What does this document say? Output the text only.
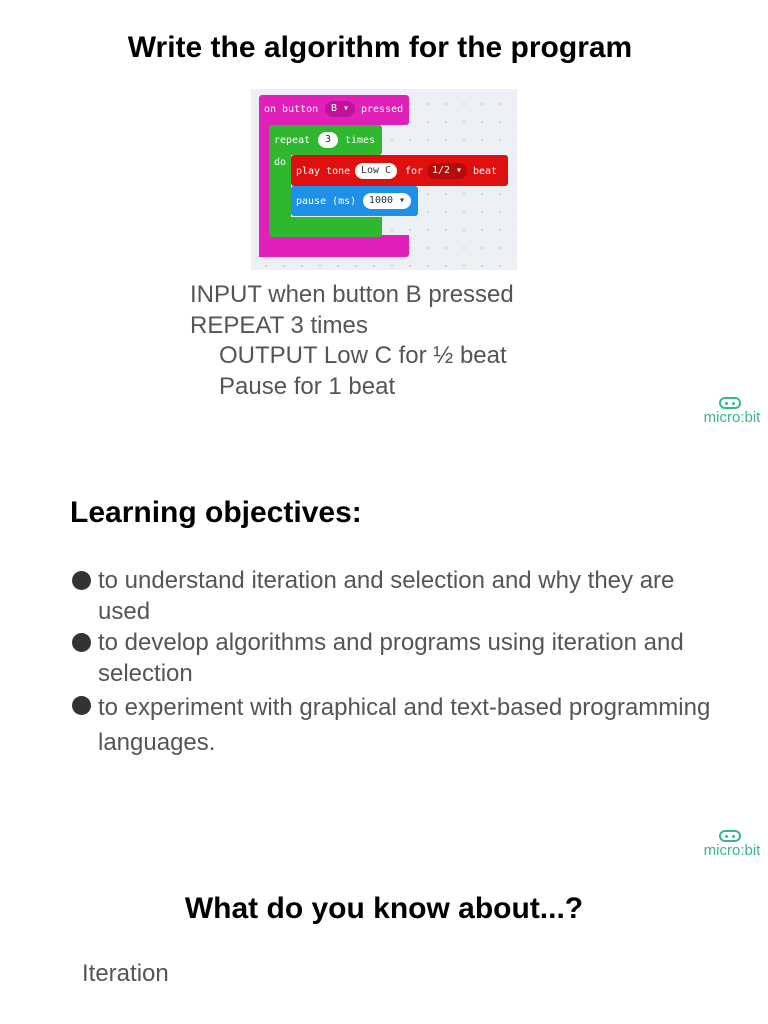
Write the algorithm for the program
on button	B ▾	pressed
repeat	3	times
do
play tone	Low C	for 1/2 ▾	beat
pause (ms)	1000 ▾
INPUT when button B pressed
REPEAT 3 times
OUTPUT Low C for ½ beat
Pause for 1 beat
micro:bit
Learning objectives:
to understand iteration and selection and why they are used
to develop algorithms and programs using iteration and selection
to experiment with graphical and text-based programming languages.
micro:bit
What do you know about...?
Iteration
